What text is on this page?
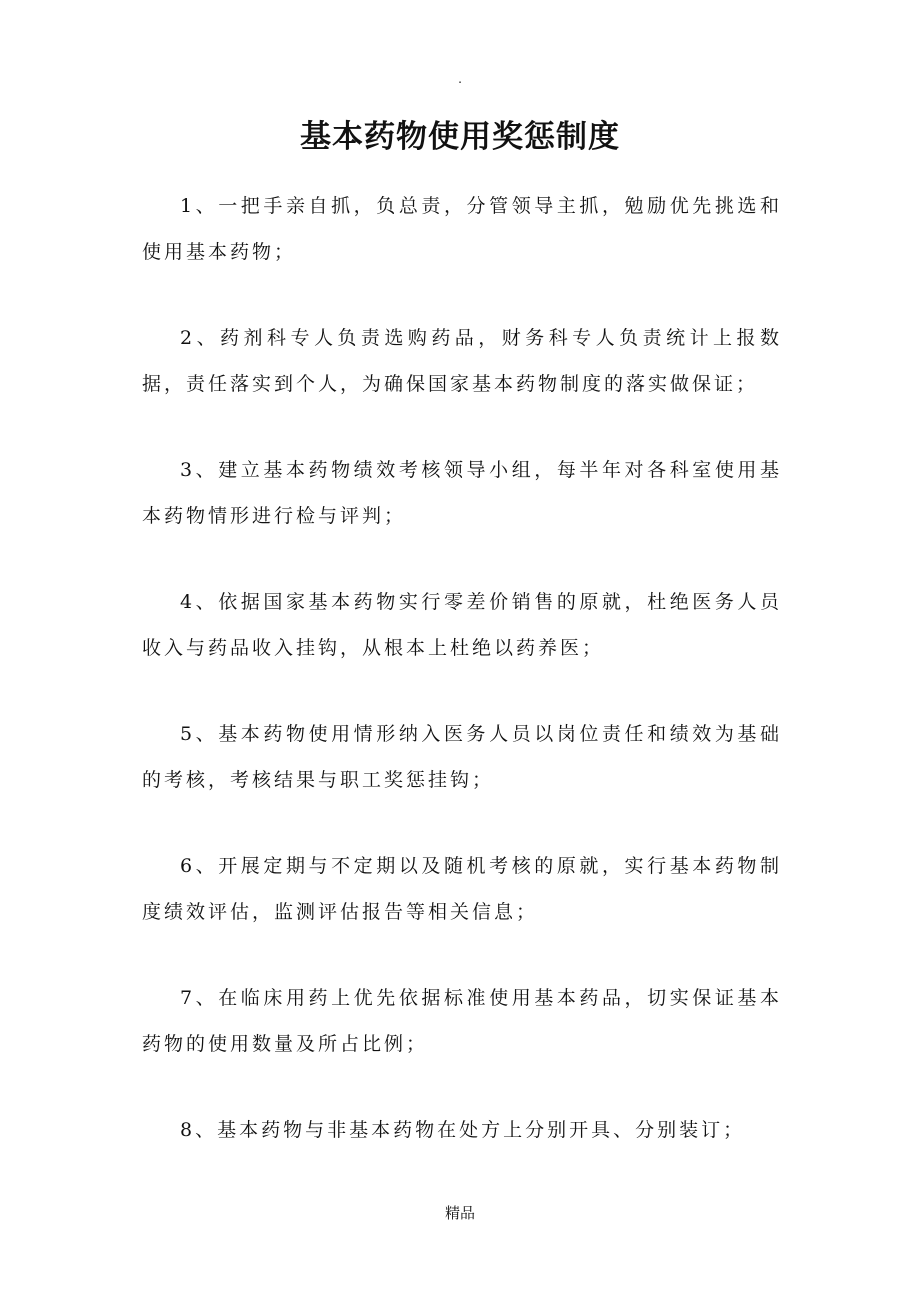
.
基本药物使用奖惩制度

1、一把手亲自抓，负总责，分管领导主抓，勉励优先挑选和使用基本药物；

2、药剂科专人负责选购药品，财务科专人负责统计上报数据，责任落实到个人，为确保国家基本药物制度的落实做保证；

3、建立基本药物绩效考核领导小组，每半年对各科室使用基本药物情形进行检与评判；

4、依据国家基本药物实行零差价销售的原就，杜绝医务人员收入与药品收入挂钩，从根本上杜绝以药养医；

5、基本药物使用情形纳入医务人员以岗位责任和绩效为基础的考核，考核结果与职工奖惩挂钩；

6、开展定期与不定期以及随机考核的原就，实行基本药物制度绩效评估，监测评估报告等相关信息；

7、在临床用药上优先依据标准使用基本药品，切实保证基本药物的使用数量及所占比例；

8、基本药物与非基本药物在处方上分别开具、分别装订；

精品
